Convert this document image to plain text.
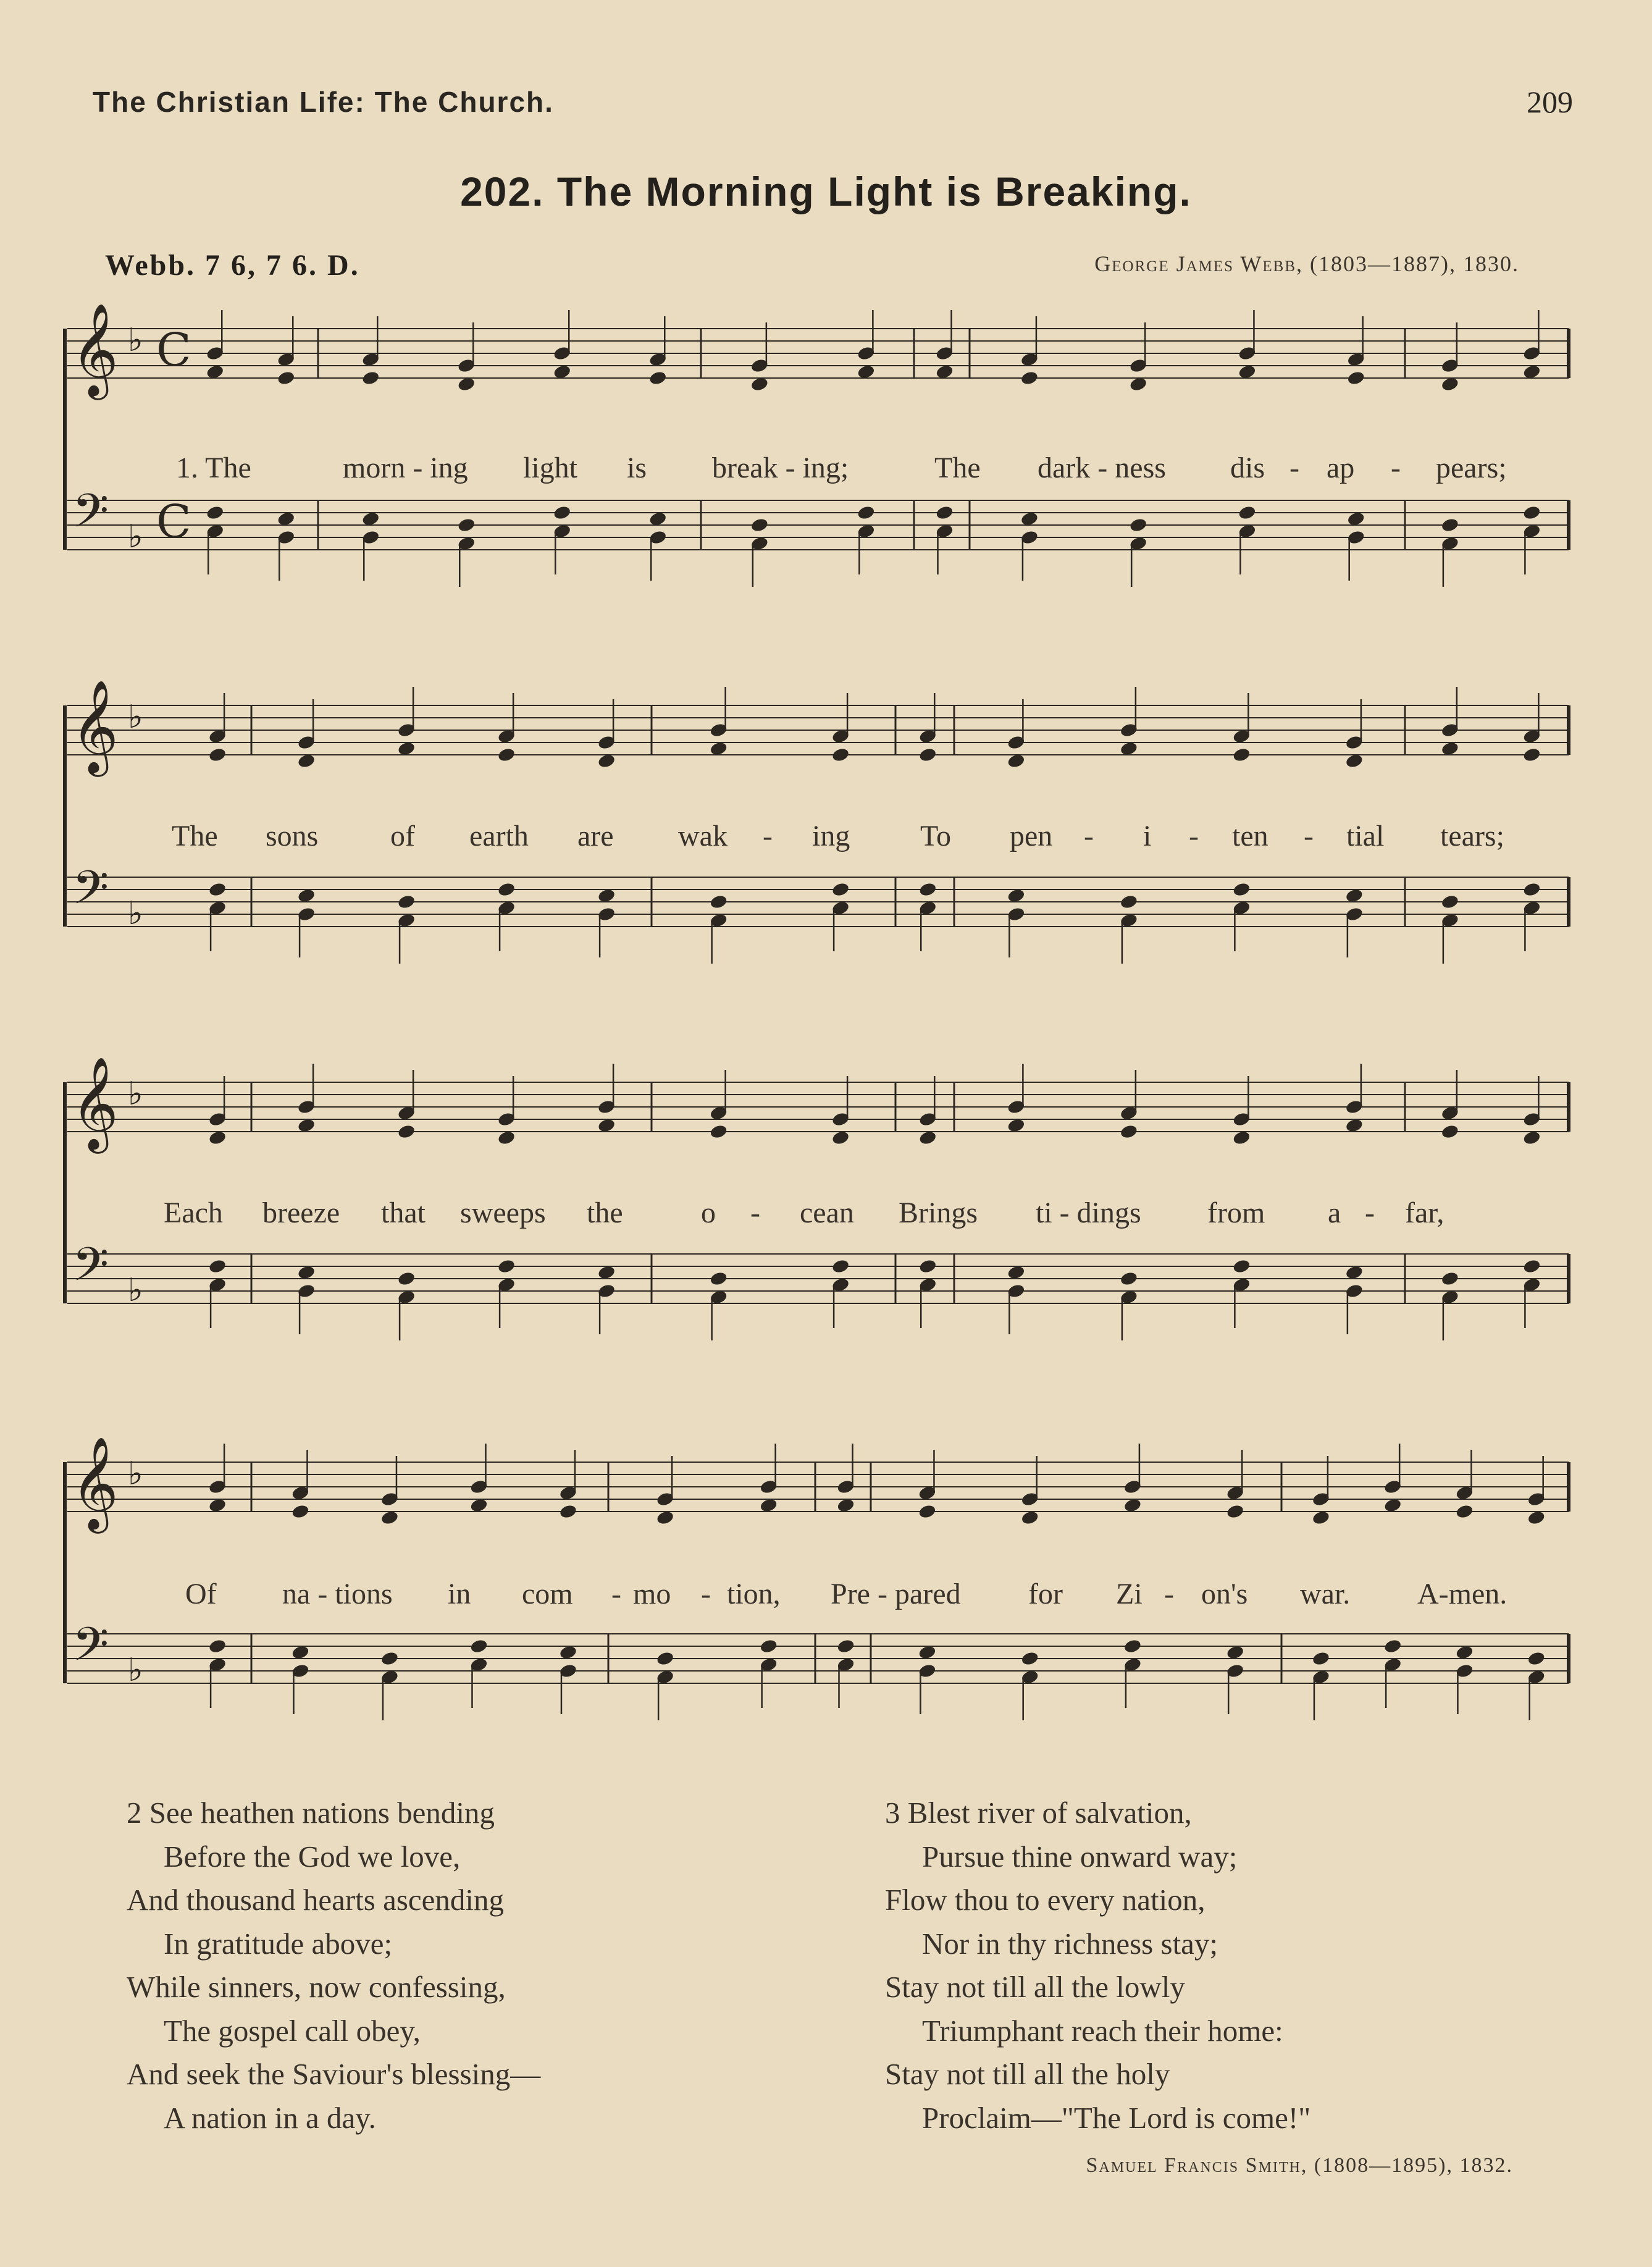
The Christian Life: The Church.	209
202. The Morning Light is Breaking.
Webb. 7 6, 7 6. D.	George James Webb, (1803—1887), 1830.
𝄞
𝄢
♭
♭
C
C
1. The	morn - ing light is break - ing;	The dark - ness dis - ap - pears;
𝄞
𝄢
♭
♭
The sons of earth are wak - ing To pen - i - ten - tial tears;
𝄞
𝄢
♭
♭
Each breeze that sweeps the	o - cean Brings ti - dings from a - far,
𝄞
𝄢
♭
♭
Of na - tions in com - mo - tion, Pre - pared for Zi - on's war. A-men.

2 See heathen nations bending

Before the God we love,

And thousand hearts ascending

In gratitude above;

While sinners, now confessing,

The gospel call obey,

And seek the Saviour's blessing—

A nation in a day.

3 Blest river of salvation,

Pursue thine onward way;

Flow thou to every nation,

Nor in thy richness stay;

Stay not till all the lowly

Triumphant reach their home:

Stay not till all the holy

Proclaim—"The Lord is come!"

Samuel Francis Smith, (1808—1895), 1832.
